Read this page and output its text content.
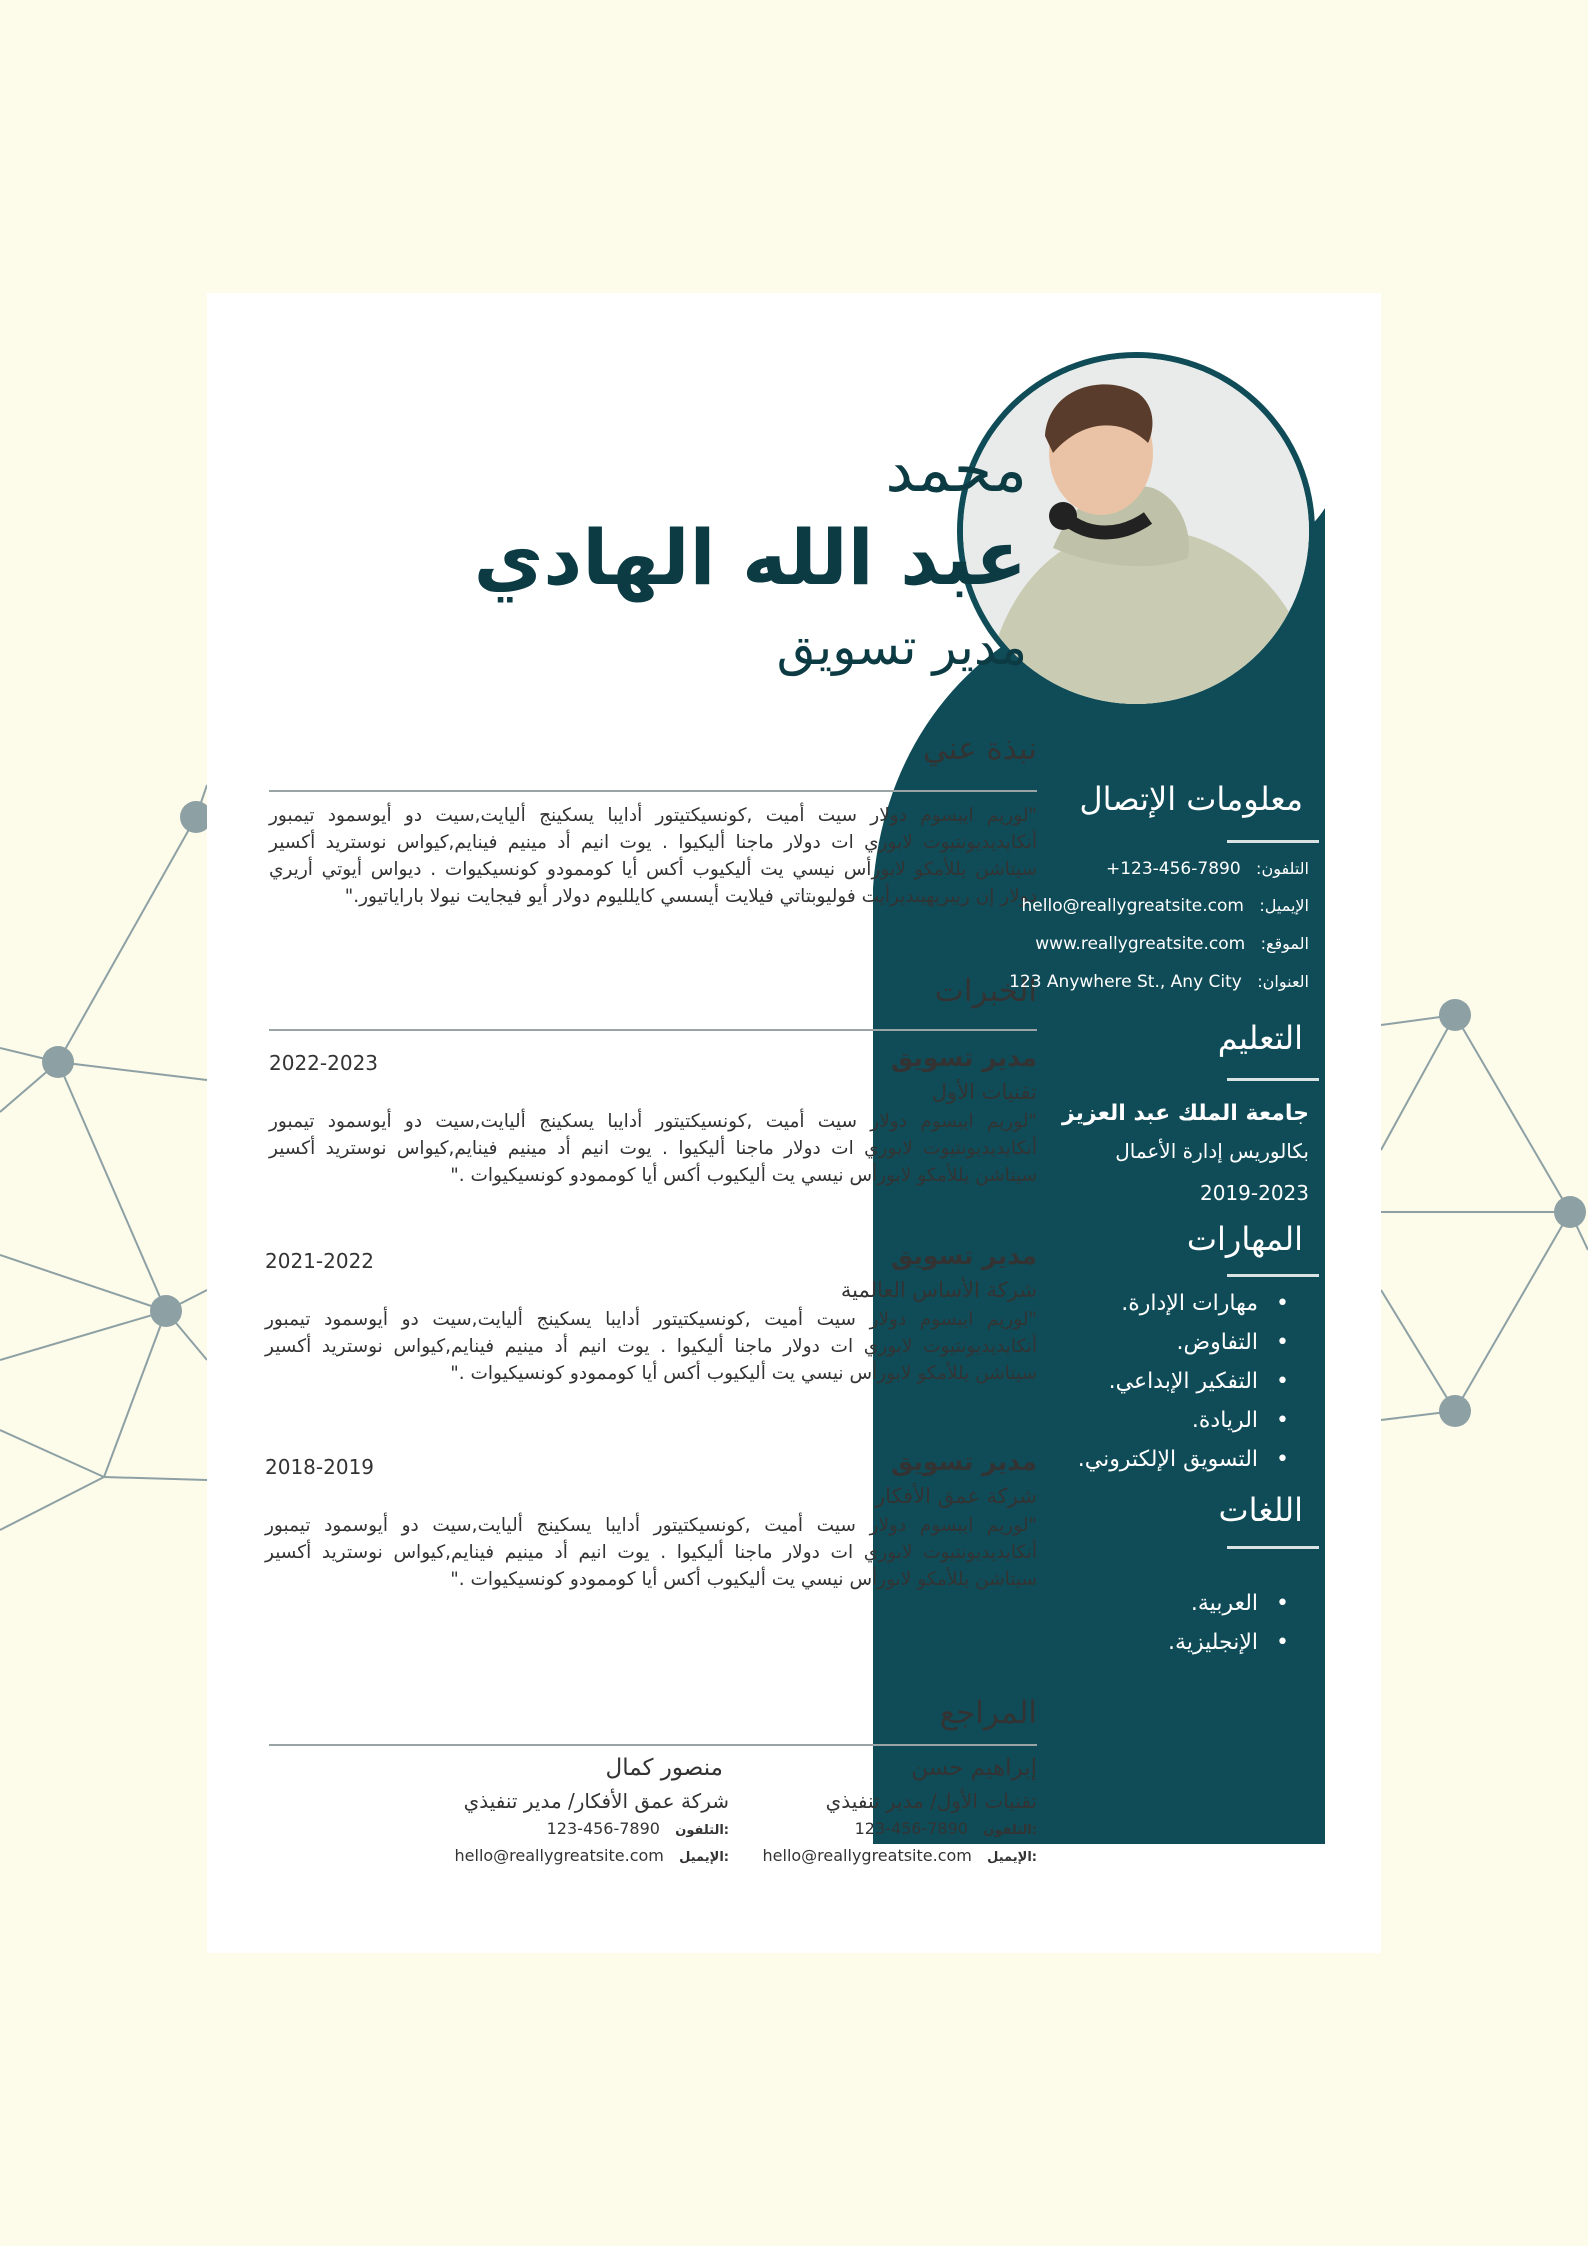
محمد
عبد الله الهادي
مدير تسويق
نبذة عني
"لوريم ايبسوم دولار سيت أميت ,كونسيكتيتور أدايبا يسكينج أليايت,سيت دو أيوسمود تيمبور أنكايديديونتيوت لابوري ات دولار ماجنا أليكيوا . يوت انيم أد مينيم فينايم,كيواس نوستريد أكسير سيتاشن يللأمكو لابورأس نيسي يت أليكيوب أكس أيا كوممودو كونسيكيوات . ديواس أيوتي أريري دولار إن ريبريهينديرأيت فوليوبتاتي فيلايت أيسسي كايلليوم دولار أيو فيجايت نيولا باراياتيور."
الخبرات
2022-2023	مدير تسويق
تقنيات الأول
"لوريم ايبسوم دولار سيت أميت ,كونسيكتيتور أدايبا يسكينج أليايت,سيت دو أيوسمود تيمبور أنكايديديونتيوت لابوري ات دولار ماجنا أليكيوا . يوت انيم أد مينيم فينايم,كيواس نوستريد أكسير سيتاشن يللأمكو لابورأس نيسي يت أليكيوب أكس أيا كوممودو كونسيكيوات ."
2021-2022	مدير تسويق
شركة الأساس العالمية
"لوريم ايبسوم دولار سيت أميت ,كونسيكتيتور أدايبا يسكينج أليايت,سيت دو أيوسمود تيمبور أنكايديديونتيوت لابوري ات دولار ماجنا أليكيوا . يوت انيم أد مينيم فينايم,كيواس نوستريد أكسير سيتاشن يللأمكو لابورأس نيسي يت أليكيوب أكس أيا كوممودو كونسيكيوات ."
2018-2019	مدير تسويق
شركة عمق الأفكار
"لوريم ايبسوم دولار سيت أميت ,كونسيكتيتور أدايبا يسكينج أليايت,سيت دو أيوسمود تيمبور أنكايديديونتيوت لابوري ات دولار ماجنا أليكيوا . يوت انيم أد مينيم فينايم,كيواس نوستريد أكسير سيتاشن يللأمكو لابورأس نيسي يت أليكيوب أكس أيا كوممودو كونسيكيوات ."
المراجع
إبراهيم حسن
تقنيات الأول/ مدير تنفيذي
123-456-7890 التلفون:
hello@reallygreatsite.com الإيميل:
منصور كمال
شركة عمق الأفكار/ مدير تنفيذي
123-456-7890 التلفون:
hello@reallygreatsite.com الإيميل:
معلومات الإتصال
التلفون: +123-456-7890
الإيميل: hello@reallygreatsite.com
الموقع: www.reallygreatsite.com
العنوان: 123 Anywhere St., Any City
التعليم
جامعة الملك عبد العزيز
بكالوريس إدارة الأعمال
2019-2023
المهارات
• مهارات الإدارة.
• التفاوض.
• التفكير الإبداعي.
• الريادة.
• التسويق الإلكتروني.
اللغات
• العربية.
• الإنجليزية.
